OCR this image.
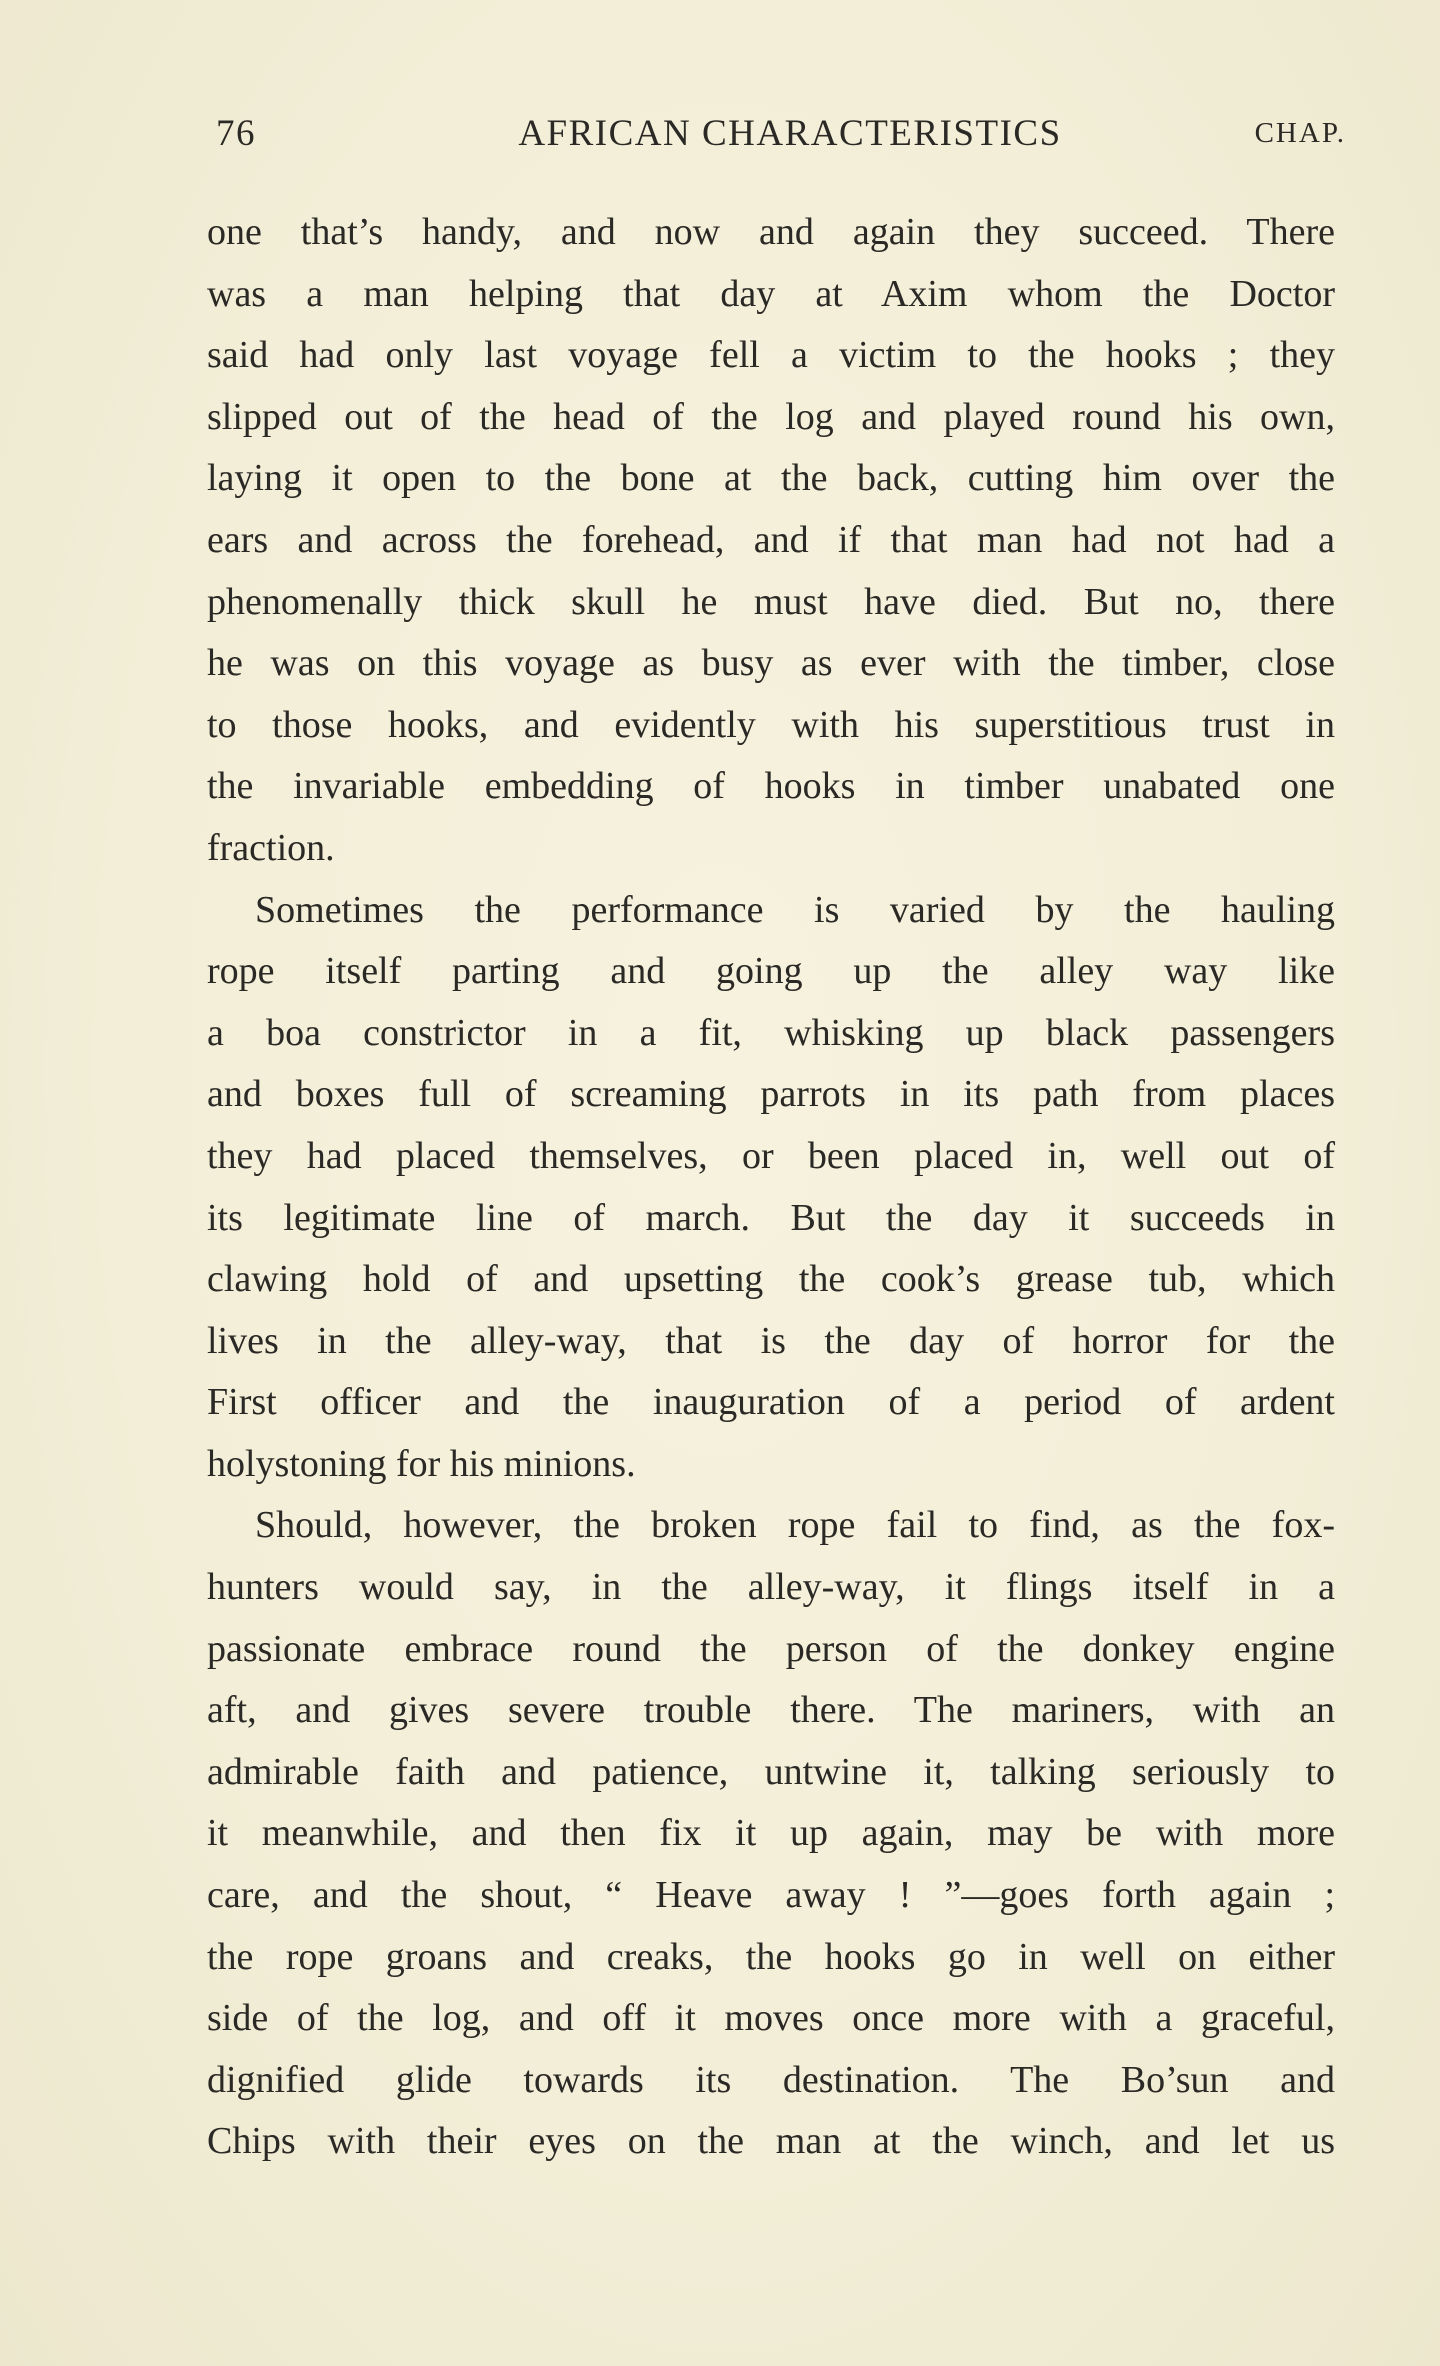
76	AFRICAN CHARACTERISTICS	CHAP.
one that’s handy, and now and again they succeed. There
was a man helping that day at Axim whom the Doctor
said had only last voyage fell a victim to the hooks ; they
slipped out of the head of the log and played round his own,
laying it open to the bone at the back, cutting him over the
ears and across the forehead, and if that man had not had a
phenomenally thick skull he must have died. But no, there
he was on this voyage as busy as ever with the timber, close
to those hooks, and evidently with his superstitious trust in
the invariable embedding of hooks in timber unabated one
fraction.
Sometimes the performance is varied by the hauling
rope itself parting and going up the alley way like
a boa constrictor in a fit, whisking up black passengers
and boxes full of screaming parrots in its path from places
they had placed themselves, or been placed in, well out of
its legitimate line of march. But the day it succeeds in
clawing hold of and upsetting the cook’s grease tub, which
lives in the alley-way, that is the day of horror for the
First officer and the inauguration of a period of ardent
holystoning for his minions.
Should, however, the broken rope fail to find, as the fox-
hunters would say, in the alley-way, it flings itself in a
passionate embrace round the person of the donkey engine
aft, and gives severe trouble there. The mariners, with an
admirable faith and patience, untwine it, talking seriously to
it meanwhile, and then fix it up again, may be with more
care, and the shout, “ Heave away ! ”—goes forth again ;
the rope groans and creaks, the hooks go in well on either
side of the log, and off it moves once more with a graceful,
dignified glide towards its destination. The Bo’sun and
Chips with their eyes on the man at the winch, and let us
